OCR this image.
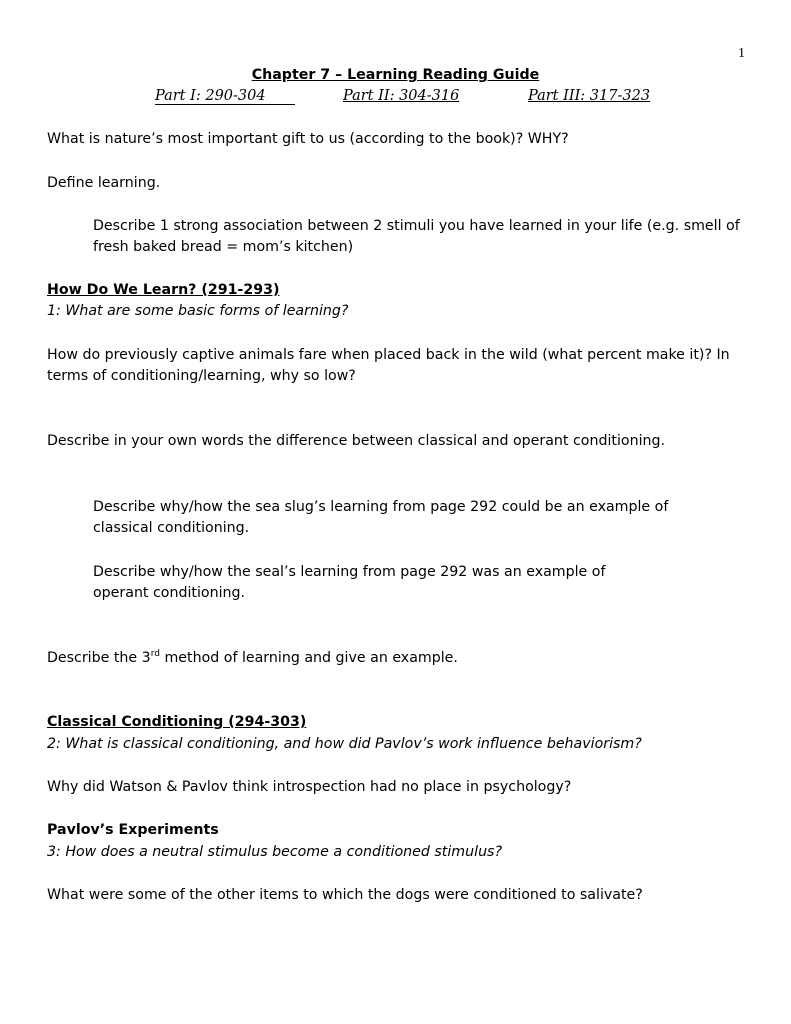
1
Chapter 7 – Learning Reading Guide
Part I: 290-304	Part II: 304-316	Part III: 317-323
What is nature’s most important gift to us (according to the book)? WHY?
Define learning.
Describe 1 strong association between 2 stimuli you have learned in your life (e.g. smell of fresh baked bread = mom’s kitchen)
How Do We Learn? (291-293)
1: What are some basic forms of learning?
How do previously captive animals fare when placed back in the wild (what percent make it)? In terms of conditioning/learning, why so low?
Describe in your own words the difference between classical and operant conditioning.
Describe why/how the sea slug’s learning from page 292 could be an example of classical conditioning.
Describe why/how the seal’s learning from page 292 was an example of operant conditioning.
Describe the 3rd method of learning and give an example.
Classical Conditioning (294-303)
2: What is classical conditioning, and how did Pavlov’s work influence behaviorism?
Why did Watson & Pavlov think introspection had no place in psychology?
Pavlov’s Experiments
3: How does a neutral stimulus become a conditioned stimulus?
What were some of the other items to which the dogs were conditioned to salivate?
